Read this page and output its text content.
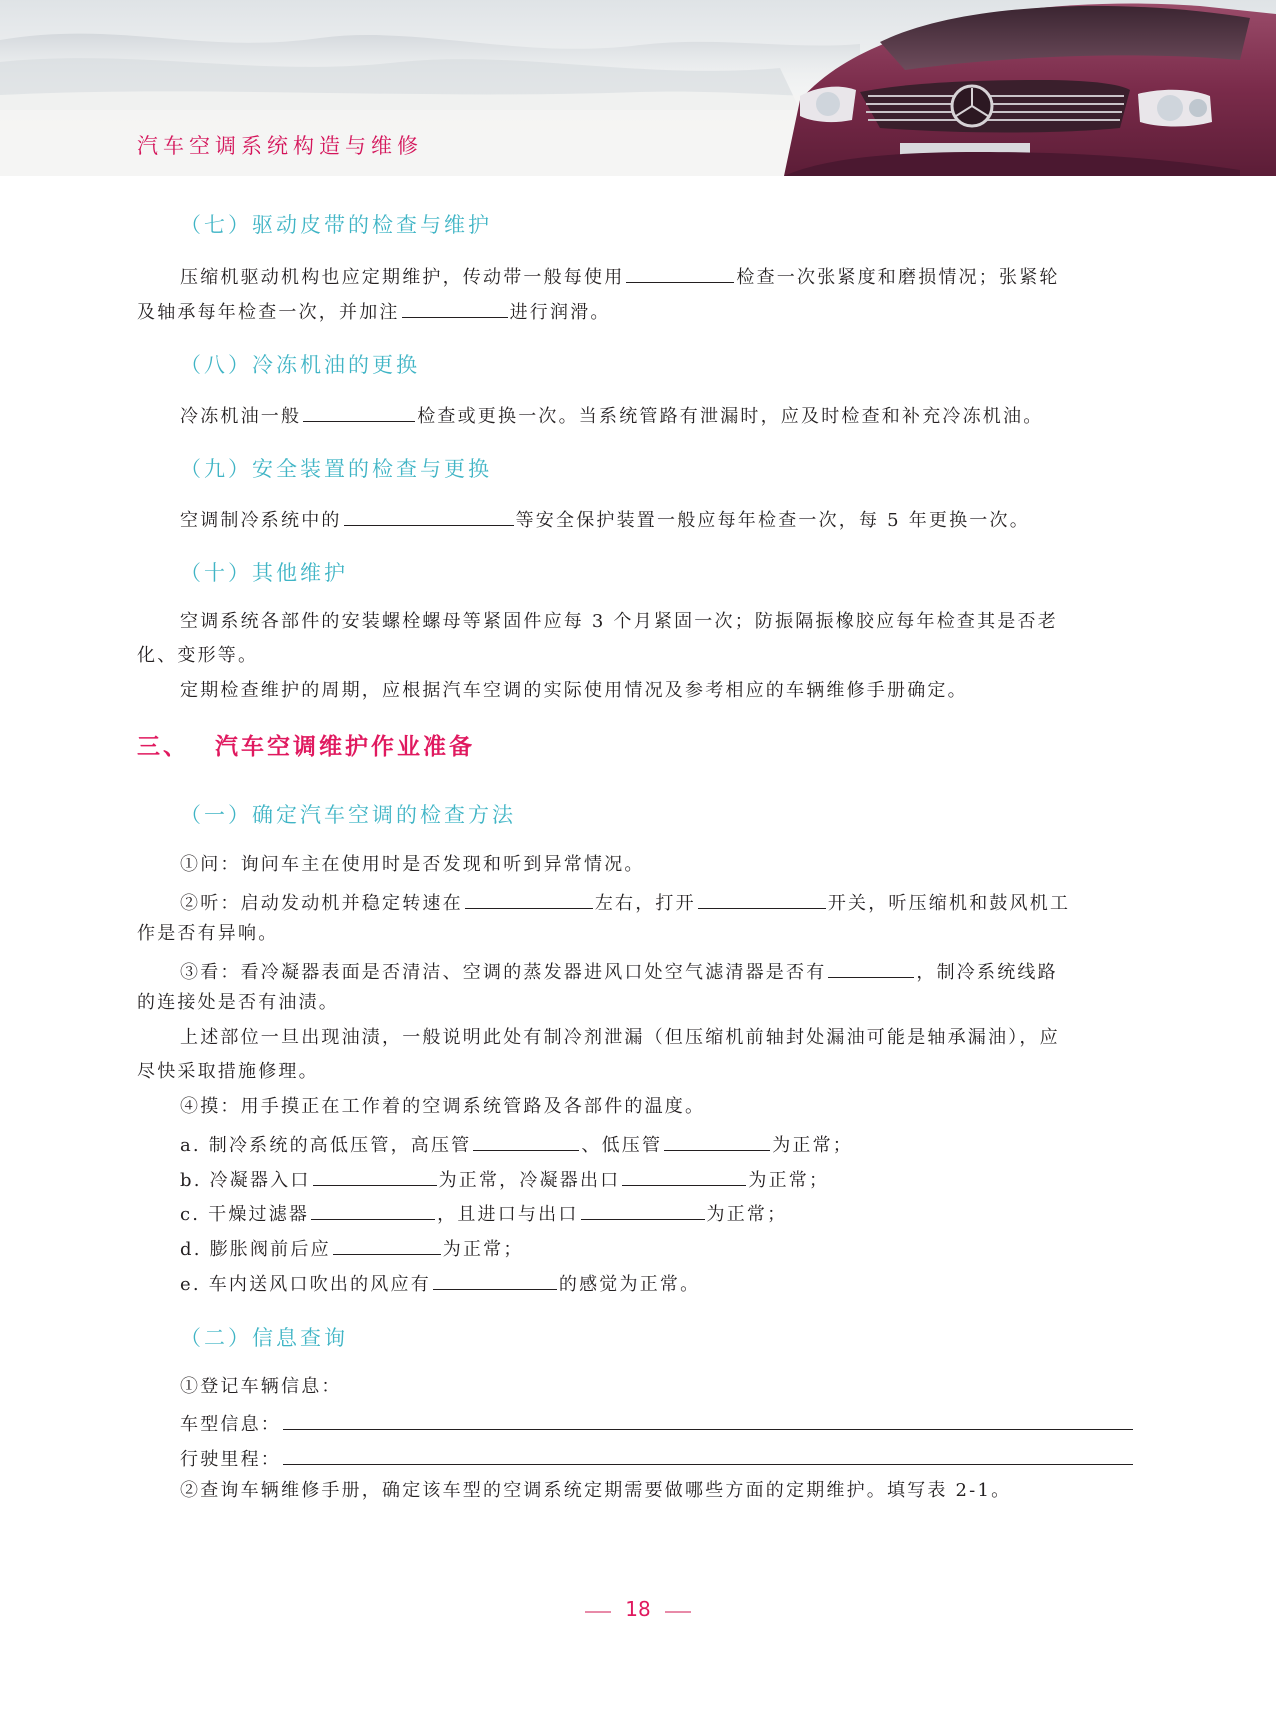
汽车空调系统构造与维修
（七）驱动皮带的检查与维护
压缩机驱动机构也应定期维护，传动带一般每使用	检查一次张紧度和磨损情况；张紧轮
及轴承每年检查一次，并加注	进行润滑。
（八）冷冻机油的更换
冷冻机油一般	检查或更换一次。当系统管路有泄漏时，应及时检查和补充冷冻机油。
（九）安全装置的检查与更换
空调制冷系统中的	等安全保护装置一般应每年检查一次，每 5 年更换一次。
（十）其他维护
空调系统各部件的安装螺栓螺母等紧固件应每 3 个月紧固一次；防振隔振橡胶应每年检查其是否老
化、变形等。
定期检查维护的周期，应根据汽车空调的实际使用情况及参考相应的车辆维修手册确定。
三、 汽车空调维护作业准备
（一）确定汽车空调的检查方法
①问：询问车主在使用时是否发现和听到异常情况。
②听：启动发动机并稳定转速在	左右，打开	开关，听压缩机和鼓风机工
作是否有异响。
③看：看冷凝器表面是否清洁、空调的蒸发器进风口处空气滤清器是否有	，制冷系统线路
的连接处是否有油渍。
上述部位一旦出现油渍，一般说明此处有制冷剂泄漏（但压缩机前轴封处漏油可能是轴承漏油），应
尽快采取措施修理。
④摸：用手摸正在工作着的空调系统管路及各部件的温度。
a. 制冷系统的高低压管，高压管	、低压管	为正常；
b. 冷凝器入口	为正常，冷凝器出口	为正常；
c. 干燥过滤器	，且进口与出口	为正常；
d. 膨胀阀前后应	为正常；
e. 车内送风口吹出的风应有	的感觉为正常。
（二）信息查询
①登记车辆信息：
车型信息：
行驶里程：
②查询车辆维修手册，确定该车型的空调系统定期需要做哪些方面的定期维护。填写表 2-1。
18
